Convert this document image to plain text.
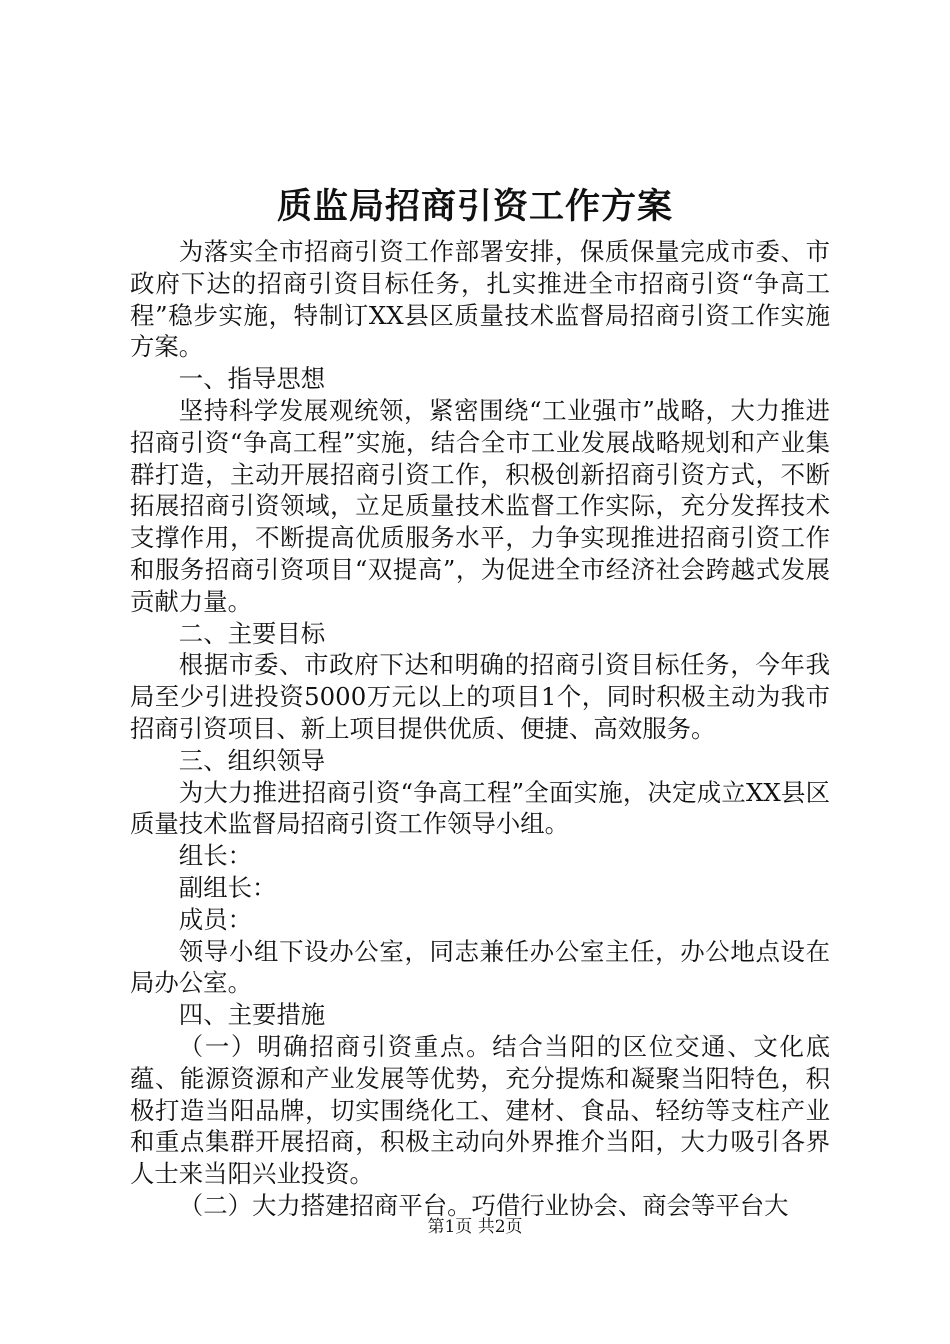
质监局招商引资工作方案

为落实全市招商引资工作部署安排，保质保量完成市委、市政府下达的招商引资目标任务，扎实推进全市招商引资“争高工程”稳步实施，特制订XX县区质量技术监督局招商引资工作实施方案。

一、指导思想

坚持科学发展观统领，紧密围绕“工业强市”战略，大力推进招商引资“争高工程”实施，结合全市工业发展战略规划和产业集群打造，主动开展招商引资工作，积极创新招商引资方式，不断拓展招商引资领域，立足质量技术监督工作实际，充分发挥技术支撑作用，不断提高优质服务水平，力争实现推进招商引资工作和服务招商引资项目“双提高”，为促进全市经济社会跨越式发展贡献力量。

二、主要目标

根据市委、市政府下达和明确的招商引资目标任务，今年我局至少引进投资5000万元以上的项目1个，同时积极主动为我市招商引资项目、新上项目提供优质、便捷、高效服务。

三、组织领导

为大力推进招商引资“争高工程”全面实施，决定成立XX县区质量技术监督局招商引资工作领导小组。

组长：

副组长：

成员：

领导小组下设办公室，同志兼任办公室主任，办公地点设在局办公室。

四、主要措施

（一）明确招商引资重点。结合当阳的区位交通、文化底蕴、能源资源和产业发展等优势，充分提炼和凝聚当阳特色，积极打造当阳品牌，切实围绕化工、建材、食品、轻纺等支柱产业和重点集群开展招商，积极主动向外界推介当阳，大力吸引各界人士来当阳兴业投资。

（二）大力搭建招商平台。巧借行业协会、商会等平台大

第1页 共2页
